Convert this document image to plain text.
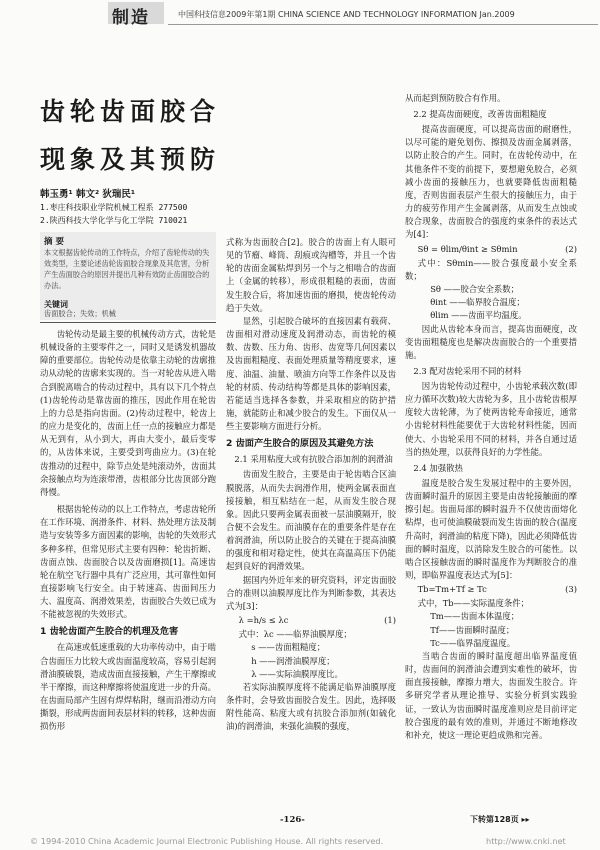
制造	中国科技信息2009年第1期 CHINA SCIENCE AND TECHNOLOGY INFORMATION Jan.2009
齿轮齿面胶合
现象及其预防
韩玉勇¹ 韩文² 狄瑞民¹
1.枣庄科技职业学院机械工程系 277500
2.陕西科技大学化学与化工学院 710021
摘 要
本文根据齿轮传动的工作特点，介绍了齿轮传动的失效类型，主要论述齿轮齿面胶合现象及其危害，分析产生齿面胶合的原因并提出几种有效防止齿面胶合的办法。
关键词
齿面胶合；失效；机械

齿轮传动是最主要的机械传动方式，齿轮是机械设备的主要零件之一，同时又是诱发机器故障的重要部位。齿轮传动是依靠主动轮的齿廓推动从动轮的齿廓来实现的。当一对轮齿从进入啮合到脱离啮合的传动过程中，具有以下几个特点(1)齿轮传动是靠齿面的推压，因此作用在轮齿上的力总是指向齿面。(2)传动过程中，轮齿上的应力是变化的，齿面上任一点的接触应力都是从无到有，从小到大，再由大变小，最后变零的，从齿体来说，主要受到弯曲应力。(3)在轮齿推动的过程中，除节点处是纯滚动外，齿面其余接触点均为连滚带滑，齿根部分比齿顶部分跑得慢。

根据齿轮传动的以上工作特点，考虑齿轮所在工作环境、润滑条件、材料、热处理方法及制造与安装等多方面因素的影响，齿轮的失效形式多种多样，但常见形式主要有四种：轮齿折断、齿面点蚀、齿面胶合以及齿面磨损[1]。高速齿轮在航空飞行器中具有广泛应用，其可靠性如何直接影响飞行安全。由于转速高、齿面间压力大、温度高、润滑效果差，齿面胶合失效已成为不能被忽视的失效形式。

1 齿轮齿面产生胶合的机理及危害

在高速或低速重载的大功率传动中，由于啮合齿面压力比较大或齿面温度较高，容易引起润滑油膜破裂，造成齿面直接接触，产生干摩擦或半干摩擦，而这种摩擦将使温度进一步的升高。在齿面局部产生固有焊焊粘附，继而沿滑动方向撕裂，形成两齿面间表层材料的转移，这种齿面损伤形

式称为齿面胶合[2]。胶合的齿面上有人眼可见的节瘤、峰筒、刮痕或沟槽等，并且一个齿轮的齿面金属粘焊到另一个与之相啮合的齿面上（金属的转移），形成很粗糙的表面，齿面发生胶合后，将加速齿面的磨损，使齿轮传动趋于失效。

显然，引起胶合破坏的直接因素有载荷、齿面相对滑动速度及润滑动态，而齿轮的模数、齿数、压力角、齿形、齿宽等几何因素以及齿面粗糙度、表面处理质量等精度要求，速度、油温、油量、喷油方向等工作条件以及齿轮的材质、传动结构等都是具体的影响因素，若能适当选择各参数，并采取相应的防护措施，就能防止和减少胶合的发生。下面仅从一些主要影响方面进行分析。

2 齿面产生胶合的原因及其避免方法
2.1 采用粘度大或有抗胶合添加剂的润滑油

齿面发生胶合，主要是由于轮齿啮合区油膜脱落，从而失去润滑作用，使两金属表面直接接触，相互粘结在一起，从而发生胶合现象。因此只要两金属表面被一层油膜隔开，胶合便不会发生。而油膜存在的重要条件是存在着润滑油，所以防止胶合的关键在于提高油膜的强度和相对稳定性，使其在高温高压下仍能起到良好的润滑效果。

据国内外近年来的研究资料，评定齿面胶合的准则以油膜厚度比作为判断参数，其表达式为[3]：

λ =h/s ≤ λc	(1)
式中：λc ——临界油膜厚度；
s ——齿面粗糙度；
h ——润滑油膜厚度；
λ ——实际油膜厚度比。

若实际油膜厚度将不能满足临界油膜厚度条件时，会导致齿面胶合发生。因此，选择吸附性能高、粘度大或有抗胶合添加剂(如硫化油)的润滑油，来强化油膜的强度，

从而起到预防胶合有作用。

2.2 提高齿面硬度，改善齿面粗糙度

提高齿面硬度，可以提高齿面的耐磨性，以尽可能的避免划伤、擦损及齿面金属剥落，以防止胶合的产生。同时，在齿轮传动中，在其他条件不变的前提下，要想避免胶合，必须减小齿面的接触压力，也就要降低齿面粗糙度，否则齿面表层产生很大的接触压力，由于力的疲劳作用产生金属剥落，从而发生点蚀或胶合现象，齿面胶合的强度约束条件的表达式为[4]：

Sθ = θlim/θint ≥ Sθmin	(2)
式中：Sθmin——胶合强度最小安全系数；
Sθ ——胶合安全系数；
θint ——临界胶合温度；
θlim ——齿面平均温度。

因此从齿轮本身而言，提高齿面硬度，改变齿面粗糙度也是解决齿面胶合的一个重要措施。

2.3 配对齿轮采用不同的材料

因为齿轮传动过程中，小齿轮承载次数(即应力循环次数)较大齿轮为多，且小齿轮齿根厚度较大齿轮薄，为了使两齿轮寿命接近，通常小齿轮材料性能要优于大齿轮材料性能，因而使大、小齿轮采用不同的材料，并各自通过适当的热处理，以获得良好的力学性能。

2.4 加强散热

温度是胶合发生发展过程中的主要外因，齿面瞬时温升的原因主要是由齿轮接触面的摩擦引起。齿面局部的瞬时温升不仅使齿面熔化粘焊，也可使油膜破裂而发生齿面的胶合(温度升高时，润滑油的粘度下降)，因此必须降低齿面的瞬时温度，以消除发生胶合的可能性。以啮合区接触齿面的瞬时温度作为判断胶合的准则，即临界温度表达式为[5]：

Tb=Tm+Tf ≥ Tc	(3)
式中，Tb——实际温度条件；
Tm——齿面本体温度；
Tf——齿面瞬时温度；
Tc——临界温度温度。

当啮合齿面的瞬时温度超出临界温度值时，齿面间的润滑油会遭到实难性的破坏，齿面直接接触，摩擦力增大，齿面发生胶合。许多研究学者从理论推导、实验分析到实践验证，一致认为齿面瞬时温度准则应是目前评定胶合强度的最有效的准则，并通过不断地修改和补充，使这一理论更趋成熟和完善。

下转第128页 ▸▸
-126-
© 1994-2010 China Academic Journal Electronic Publishing House. All rights reserved.	http://www.cnki.net
